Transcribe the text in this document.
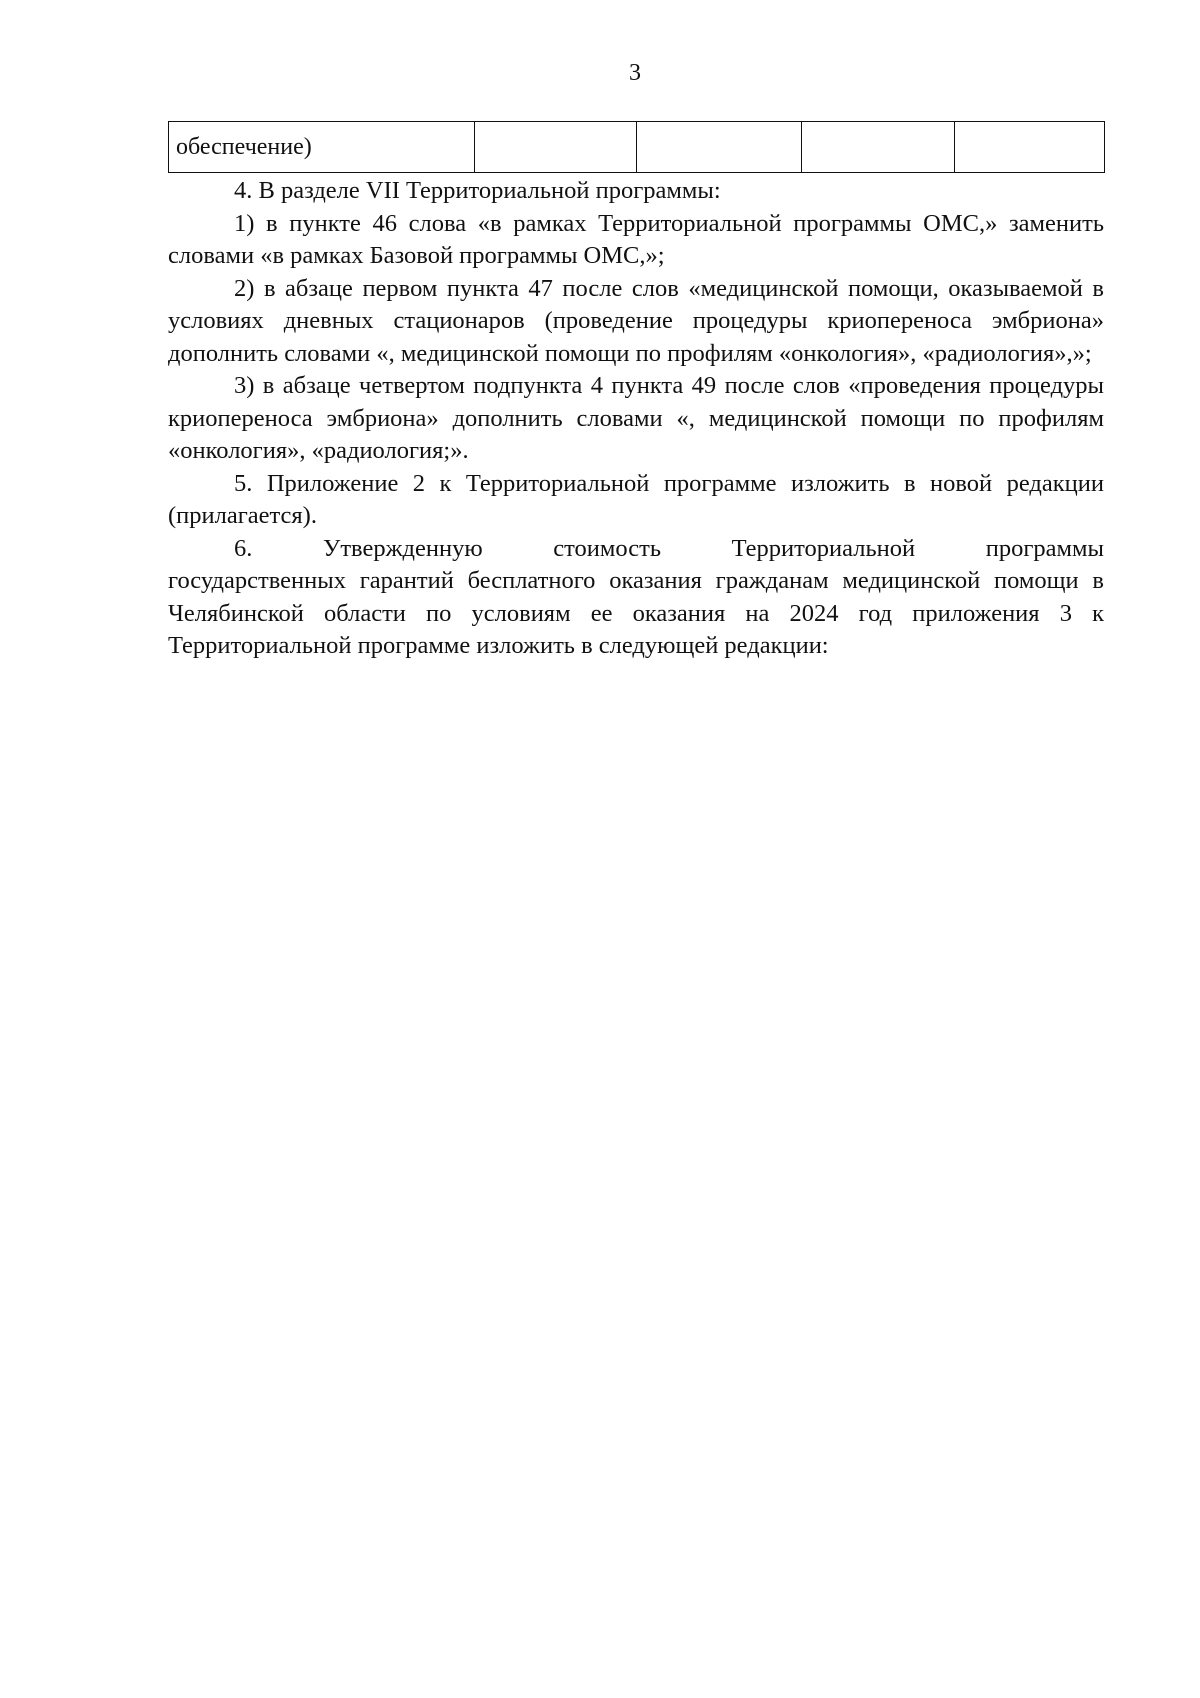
3
обеспечение)				

4. В разделе VII Территориальной программы:

1) в пункте 46 слова «в рамках Территориальной программы ОМС,» заменить словами «в рамках Базовой программы ОМС,»;

2) в абзаце первом пункта 47 после слов «медицинской помощи, оказываемой в условиях дневных стационаров (проведение процедуры криопереноса эмбриона» дополнить словами «, медицинской помощи по профилям «онкология», «радиология»,»;

3) в абзаце четвертом подпункта 4 пункта 49 после слов «проведения процедуры криопереноса эмбриона» дополнить словами «, медицинской помощи по профилям «онкология», «радиология;».

5. Приложение 2 к Территориальной программе изложить в новой редакции (прилагается).

6.	Утвержденную	стоимость	Территориальной	программы

государственных гарантий бесплатного оказания гражданам медицинской помощи в Челябинской области по условиям ее оказания на 2024 год приложения 3 к Территориальной программе изложить в следующей редакции:
